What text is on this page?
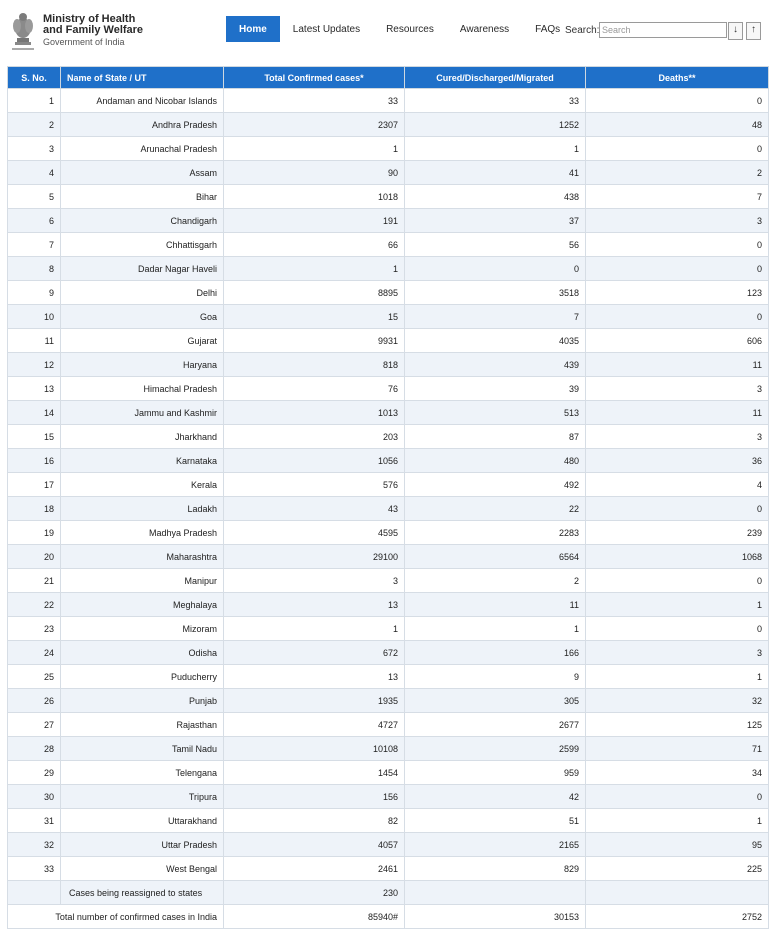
Ministry of Health
and Family Welfare
Government of India
Home	Latest Updates	Resources	Awareness	FAQs Search:
Search	↓	↑
S. No.	Name of State / UT	Total Confirmed cases*	Cured/Discharged/Migrated	Deaths**
1	Andaman and Nicobar Islands	33	33	0
2	Andhra Pradesh	2307	1252	48
3	Arunachal Pradesh	1	1	0
4	Assam	90	41	2
5	Bihar	1018	438	7
6	Chandigarh	191	37	3
7	Chhattisgarh	66	56	0
8	Dadar Nagar Haveli	1	0	0
9	Delhi	8895	3518	123
10	Goa	15	7	0
11	Gujarat	9931	4035	606
12	Haryana	818	439	11
13	Himachal Pradesh	76	39	3
14	Jammu and Kashmir	1013	513	11
15	Jharkhand	203	87	3
16	Karnataka	1056	480	36
17	Kerala	576	492	4
18	Ladakh	43	22	0
19	Madhya Pradesh	4595	2283	239
20	Maharashtra	29100	6564	1068
21	Manipur	3	2	0
22	Meghalaya	13	11	1
23	Mizoram	1	1	0
24	Odisha	672	166	3
25	Puducherry	13	9	1
26	Punjab	1935	305	32
27	Rajasthan	4727	2677	125
28	Tamil Nadu	10108	2599	71
29	Telengana	1454	959	34
30	Tripura	156	42	0
31	Uttarakhand	82	51	1
32	Uttar Pradesh	4057	2165	95
33	West Bengal	2461	829	225
	Cases being reassigned to states	230		
Total number of confirmed cases in India		85940#	30153	2752
